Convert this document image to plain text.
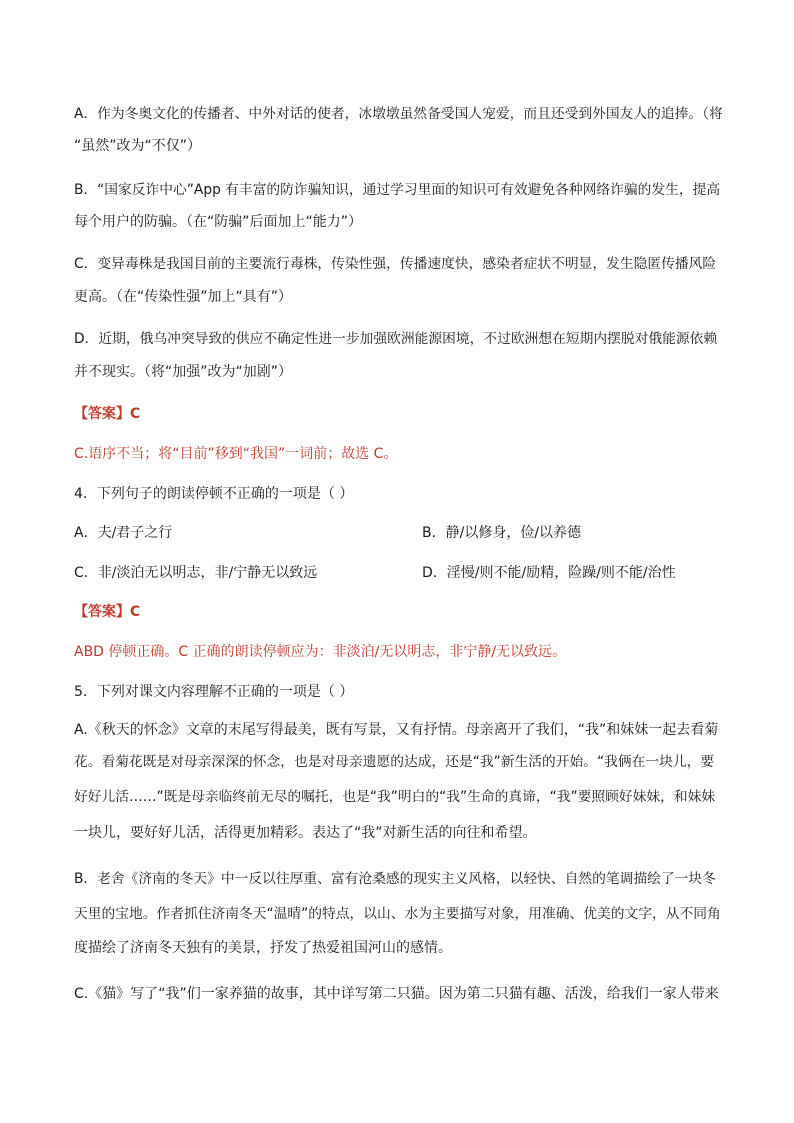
A．作为冬奥文化的传播者、中外对话的使者，冰墩墩虽然备受国人宠爱，而且还受到外国友人的追捧。（将
“虽然”改为“不仅”）
B．“国家反诈中心”App 有丰富的防诈骗知识，通过学习里面的知识可有效避免各种网络诈骗的发生，提高
每个用户的防骗。（在“防骗”后面加上“能力”）
C．变异毒株是我国目前的主要流行毒株，传染性强，传播速度快，感染者症状不明显，发生隐匿传播风险
更高。（在“传染性强”加上“具有”）
D．近期，俄乌冲突导致的供应不确定性进一步加强欧洲能源困境，不过欧洲想在短期内摆脱对俄能源依赖
并不现实。（将“加强”改为“加剧”）
【答案】C
C.语序不当；将“目前”移到“我国”一词前；故选 C。
4．下列句子的朗读停顿不正确的一项是（ ）
A．夫/君子之行	B．静/以修身，俭/以养德
C．非/淡泊无以明志，非/宁静无以致远	D．淫慢/则不能/励精，险躁/则不能/治性
【答案】C
ABD 停顿正确。C 正确的朗读停顿应为：非淡泊/无以明志，非宁静/无以致远。
5．下列对课文内容理解不正确的一项是（ ）
A.《秋天的怀念》文章的末尾写得最美，既有写景，又有抒情。母亲离开了我们，“我”和妹妹一起去看菊
花。看菊花既是对母亲深深的怀念，也是对母亲遗愿的达成，还是“我”新生活的开始。“我俩在一块儿，要
好好儿活……”既是母亲临终前无尽的嘱托，也是“我”明白的“我”生命的真谛，“我”要照顾好妹妹，和妹妹
一块儿，要好好儿活，活得更加精彩。表达了“我”对新生活的向往和希望。
B．老舍《济南的冬天》中一反以往厚重、富有沧桑感的现实主义风格，以轻快、自然的笔调描绘了一块冬
天里的宝地。作者抓住济南冬天“温晴”的特点，以山、水为主要描写对象，用准确、优美的文字，从不同角
度描绘了济南冬天独有的美景，抒发了热爱祖国河山的感情。
C.《猫》写了“我”们一家养猫的故事，其中详写第二只猫。因为第二只猫有趣、活泼，给我们一家人带来
